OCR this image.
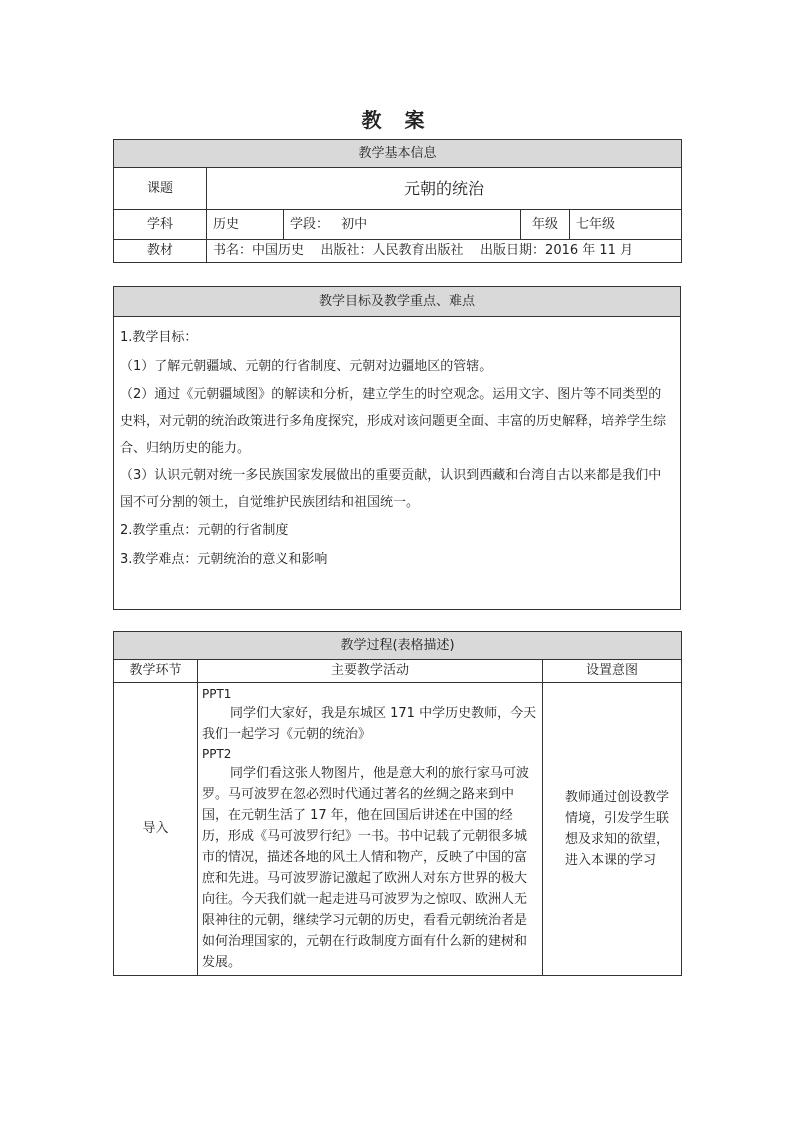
教 案
教学基本信息				
课题	元朝的统治			
学科	历史	学段： 初中	年级	七年级
教材	书名：中国历史    出版社：人民教育出版社    出版日期：2016 年 11 月			
教学目标及教学重点、难点

1.教学目标：

（1）了解元朝疆域、元朝的行省制度、元朝对边疆地区的管辖。

（2）通过《元朝疆域图》的解读和分析，建立学生的时空观念。运用文字、图片等不同类型的史料，对元朝的统治政策进行多角度探究，形成对该问题更全面、丰富的历史解释，培养学生综合、归纳历史的能力。

（3）认识元朝对统一多民族国家发展做出的重要贡献，认识到西藏和台湾自古以来都是我们中国不可分割的领土，自觉维护民族团结和祖国统一。

2.教学重点：元朝的行省制度

3.教学难点：元朝统治的意义和影响

教学过程(表格描述)		
教学环节	主要教学活动	设置意图
导入	PPT1

同学们大家好，我是东城区 171 中学历史教师，今天我们一起学习《元朝的统治》

PPT2

同学们看这张人物图片，他是意大利的旅行家马可波罗。马可波罗在忽必烈时代通过著名的丝绸之路来到中国，在元朝生活了 17 年，他在回国后讲述在中国的经历，形成《马可波罗行纪》一书。书中记载了元朝很多城市的情况，描述各地的风土人情和物产，反映了中国的富庶和先进。马可波罗游记激起了欧洲人对东方世界的极大向往。今天我们就一起走进马可波罗为之惊叹、欧洲人无限神往的元朝，继续学习元朝的历史，看看元朝统治者是如何治理国家的，元朝在行政制度方面有什么新的建树和发展。	教师通过创设教学情境，引发学生联想及求知的欲望，进入本课的学习
